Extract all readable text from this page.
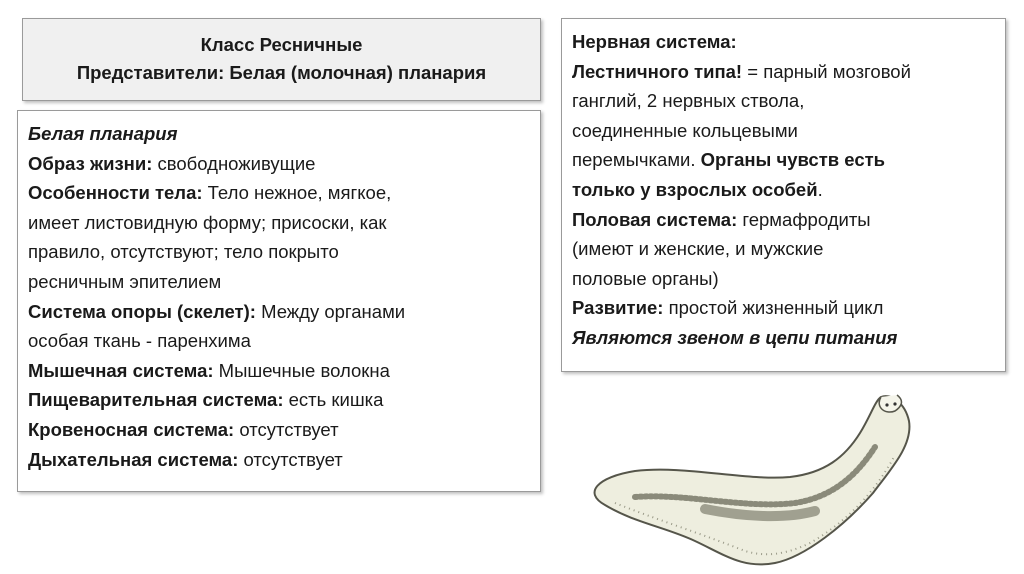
Класс Ресничные
Представители: Белая (молочная) планария
Белая планария
Образ жизни: свободноживущие
Особенности тела: Тело нежное, мягкое,
имеет листовидную форму; присоски, как
правило, отсутствуют; тело покрыто
ресничным эпителием
Система опоры (скелет): Между органами
особая ткань - паренхима
Мышечная система: Мышечные волокна
Пищеварительная система: есть кишка
Кровеносная система: отсутствует
Дыхательная система: отсутствует
Нервная система:
Лестничного типа! = парный мозговой
ганглий, 2 нервных ствола,
соединенные кольцевыми
перемычками. Органы чувств есть
только у взрослых особей.
Половая система: гермафродиты
(имеют и женские, и мужские
половые органы)
Развитие: простой жизненный цикл
Являются звеном в цепи питания
